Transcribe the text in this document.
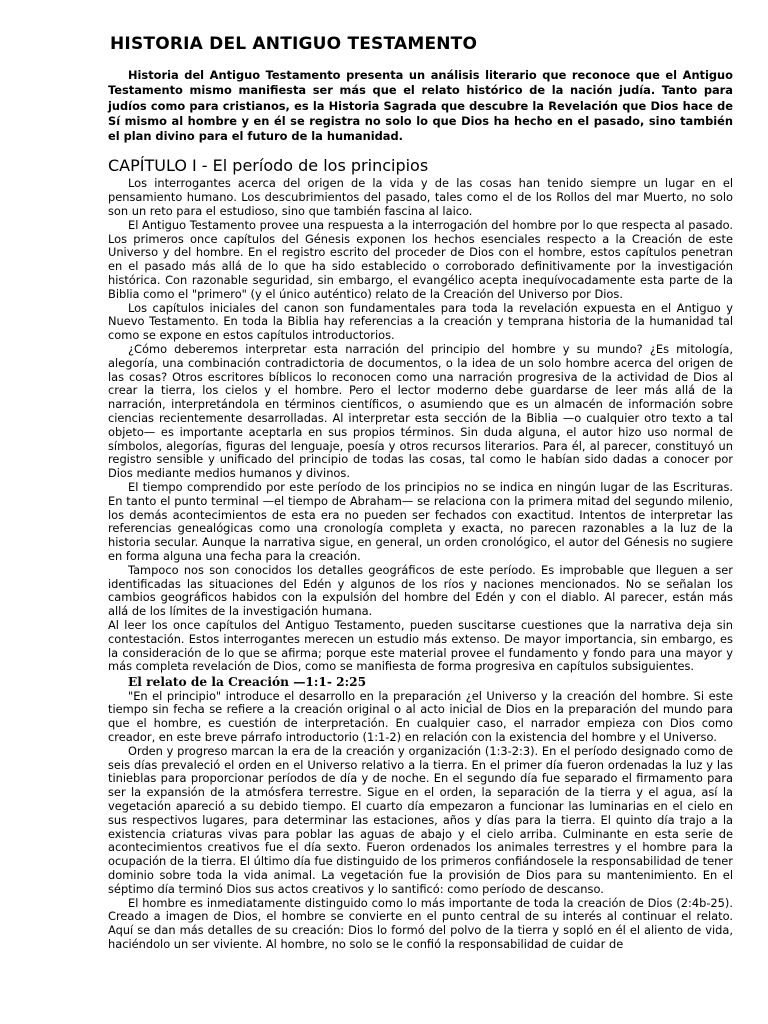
HISTORIA DEL ANTIGUO TESTAMENTO

Historia del Antiguo Testamento presenta un análisis literario que reconoce que el Antiguo Testamento mismo manifiesta ser más que el relato histórico de la nación judía. Tanto para judíos como para cristianos, es la Historia Sagrada que descubre la Revelación que Dios hace de Sí mismo al hombre y en él se registra no solo lo que Dios ha hecho en el pasado, sino también el plan divino para el futuro de la humanidad.

CAPÍTULO I - El período de los principios

Los interrogantes acerca del origen de la vida y de las cosas han tenido siempre un lugar en el pensamiento humano. Los descubrimientos del pasado, tales como el de los Rollos del mar Muerto, no solo son un reto para el estudioso, sino que también fascina al laico.

El Antiguo Testamento provee una respuesta a la interrogación del hombre por lo que respecta al pasado. Los primeros once capítulos del Génesis exponen los hechos esenciales respecto a la Creación de este Universo y del hombre. En el registro escrito del proceder de Dios con el hombre, estos capítulos penetran en el pasado más allá de lo que ha sido establecido o corroborado definitivamente por la investigación histórica. Con razonable seguridad, sin embargo, el evangélico acepta inequívocadamente esta parte de la Biblia como el "primero" (y el único auténtico) relato de la Creación del Universo por Dios.

Los capítulos iniciales del canon son fundamentales para toda la revelación expuesta en el Antiguo y Nuevo Testamento. En toda la Biblia hay referencias a la creación y temprana historia de la humanidad tal como se expone en estos capítulos introductorios.

¿Cómo deberemos interpretar esta narración del principio del hombre y su mundo? ¿Es mitología, alegoría, una combinación contradictoria de documentos, o la idea de un solo hombre acerca del origen de las cosas? Otros escritores bíblicos lo reconocen como una narración progresiva de la actividad de Dios al crear la tierra, los cielos y el hombre. Pero el lector moderno debe guardarse de leer más allá de la narración, interpretándola en términos científicos, o asumiendo que es un almacén de información sobre ciencias recientemente desarrolladas. Al interpretar esta sección de la Biblia —o cualquier otro texto a tal objeto— es importante aceptarla en sus propios términos. Sin duda alguna, el autor hizo uso normal de símbolos, alegorías, figuras del lenguaje, poesía y otros recursos literarios. Para él, al parecer, constituyó un registro sensible y unificado del principio de todas las cosas, tal como le habían sido dadas a conocer por Dios mediante medios humanos y divinos.

El tiempo comprendido por este período de los principios no se indica en ningún lugar de las Escrituras. En tanto el punto terminal —el tiempo de Abraham— se relaciona con la primera mitad del segundo milenio, los demás acontecimientos de esta era no pueden ser fechados con exactitud. Intentos de interpretar las referencias genealógicas como una cronología completa y exacta, no parecen razonables a la luz de la historia secular. Aunque la narrativa sigue, en general, un orden cronológico, el autor del Génesis no sugiere en forma alguna una fecha para la creación.

Tampoco nos son conocidos los detalles geográficos de este período. Es improbable que lleguen a ser identificadas las situaciones del Edén y algunos de los ríos y naciones mencionados. No se señalan los cambios geográficos habidos con la expulsión del hombre del Edén y con el diablo. Al parecer, están más allá de los límites de la investigación humana.

Al leer los once capítulos del Antiguo Testamento, pueden suscitarse cuestiones que la narrativa deja sin contestación. Estos interrogantes merecen un estudio más extenso. De mayor importancia, sin embargo, es la consideración de lo que se afirma; porque este material provee el fundamento y fondo para una mayor y más completa revelación de Dios, como se manifiesta de forma progresiva en capítulos subsiguientes.

El relato de la Creación —1:1- 2:25

"En el principio" introduce el desarrollo en la preparación ¿el Universo y la creación del hombre. Si este tiempo sin fecha se refiere a la creación original o al acto inicial de Dios en la preparación del mundo para que el hombre, es cuestión de interpretación. En cualquier caso, el narrador empieza con Dios como creador, en este breve párrafo introductorio (1:1-2) en relación con la existencia del hombre y el Universo.

Orden y progreso marcan la era de la creación y organización (1:3-2:3). En el período designado como de seis días prevaleció el orden en el Universo relativo a la tierra. En el primer día fueron ordenadas la luz y las tinieblas para proporcionar períodos de día y de noche. En el segundo día fue separado el firmamento para ser la expansión de la atmósfera terrestre. Sigue en el orden, la separación de la tierra y el agua, así la vegetación apareció a su debido tiempo. El cuarto día empezaron a funcionar las luminarias en el cielo en sus respectivos lugares, para determinar las estaciones, años y días para la tierra. El quinto día trajo a la existencia criaturas vivas para poblar las aguas de abajo y el cielo arriba. Culminante en esta serie de acontecimientos creativos fue el día sexto. Fueron ordenados los animales terrestres y el hombre para la ocupación de la tierra. El último día fue distinguido de los primeros confiándosele la responsabilidad de tener dominio sobre toda la vida animal. La vegetación fue la provisión de Dios para su mantenimiento. En el séptimo día terminó Dios sus actos creativos y lo santificó: como período de descanso.

El hombre es inmediatamente distinguido como lo más importante de toda la creación de Dios (2:4b-25). Creado a imagen de Dios, el hombre se convierte en el punto central de su interés al continuar el relato. Aquí se dan más detalles de su creación: Dios lo formó del polvo de la tierra y sopló en él el aliento de vida, haciéndolo un ser viviente. Al hombre, no solo se le confió la responsabilidad de cuidar de
